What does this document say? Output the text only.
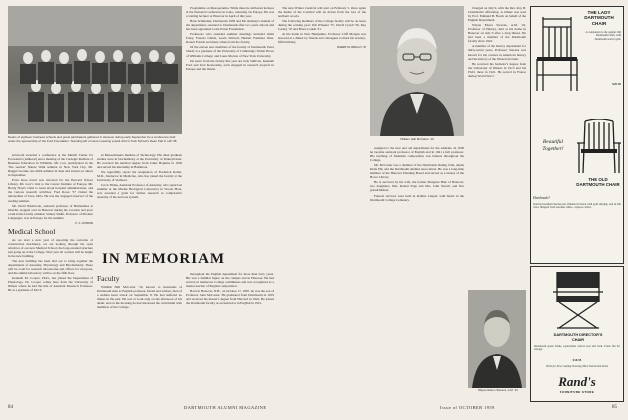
Deans of eighteen business schools and guest participants gathered in Hanover during early September for a conference held under the sponsorship of the Ford Foundation. Standing left of center wearing a dark shirt is Tuck School's Dean Karl A. Hill '38.

Griswold awarded a conference at the Merrill Center for Economics (Amherst) and a meeting of the Carnegie Institute of Business Education in Williams. Mr. Low participated in the 'five session' Nature Walk seminar in New York City. Mr. Rugger became one AWA seminar in June and started on others in September.

Even more travel was involved for the Harvard School Library, Mr. Low's visit to the Cancer Institute of Europe, Mr. Hardy Hoyt's visits to learn about hospital administration, and the various research activities. Fred Rowe '57 visited the universities of Iowa, Ohio. He was the 'engaged observer' of the reading seminar.

Mr. Dodd Westbrook, assistant professor of Humanities at Oberlin, stopped over in Hanover during his vacation and gave a talk in the faculty seminar. Sidney Smith, Professor of Modern Languages, was in Europe for the summer.

E. S. DOBLER
Medical School

As we start a new year of reporting the outcome of construction machinery, we are looking through the open windows of our new Medical School, the long-awaited structure just going up at the College. Next year all courses will be taught in the new building.

The new building has been laid out to bring together the departments of Anatomy, Physiology and Biochemistry. There will be room for research laboratories and offices for everyone, and the animal laboratory will be on the fifth floor.

Kenneth M. Cooper, Ph.D., has joined the Department of Physiology. Dr. Cooper comes here from the University of Illinois where he had the title of Assistant Research Professor. He is a graduate of M.I.T.

in Massachusetts Institute of Technology. His other graduate studies were in biochemistry at the University of Pennsylvania. He received his medical degree from Johns Hopkins in 1950 and served his internship in Baltimore.

We regretfully report the resignation of Frederick Keller, M.D., Instructor in Medicine, who has joined the faculty at the University of Vermont.

Jacob Tilden, Assistant Professor of Anatomy, who spent last summer at the Marine Biological Laboratory in Woods Hole, was awarded a grant for further research in comparative anatomy of the nervous system.

IN MEMORIAM
Faculty

William Hall McCarter '19, known to thousands of Dartmouth men as English professor, friend and adviser, died of a sudden heart attack on September 8. He had suffered no illness in the past. He was at work only on the afternoon of his death, and on the morning he had discussed the curriculum with members of the College.

throughout the English department for more than forty years. His was a familiar figure on the campus and in Hanover. He had served on numerous College committees and was recognized as a master teacher of English composition.

Born in Hanover, N.H., on October 17, 1897, he was the son of Professor John McCarter. He graduated from Dartmouth in 1919 and received his master's degree from Harvard in 1922. He joined the Dartmouth faculty as an instructor in English in 1921.

Programme on Mesopotamia. While there he delivered lectures at the National Conference in Cairo, returning via Europe. He was a visiting lecturer at Hanover in April of this year.

Hans Schmelzer, Dartmouth 1958 and Mr. Ramsey's student of the department, returned to Dartmouth after two years abroad and has been appointed to the Eaton Foundation.

Professors who attended summer meetings included Allen Foley, Francis Childs, Lewis Stilwell, Herbert Faulkner West, Robert French and many others from the faculty.

Of the eleven new members of the faculty of Dartmouth, Peter Sturdy is a graduate of the University of Cambridge; Walter Howe of Williams College; and Louis Morton of New York University.

On leave from the faculty this year are Jack Sullivan, Kenneth Ford and Ivan Kenworthy, each engaged in research projects in Europe and the Orient.

84	DARTMOUTH ALUMNI MAGAZINE

The next Winter Carnival will start on February 5. Once again the theme of the Carnival will be drawn from the lore of the northern woods.

The following members of the College faculty will be on leave during the coming year: Jim Wheeler '37, David Lynch '56, Ray Carney '47 and Bruce Larkin '31.

At his home in New Hampshire, Professor Cliff Morgan was honored at a dinner by friends and colleagues to mark his seventy-fifth birthday.

HARRY M. BRIGGS '39
William Hall McCarter '19

assigned to the new and old departments for the students. In 1930 he became assistant professor of English and in 1941 a full professor. His teaching of freshman composition was famous throughout the College.

Mr. McCarter was a member of the Dartmouth Outing Club, Alpha Delta Phi, and the Dartmouth Alumni Association. He was a long-time member of the Hanover Planning Board and served as a trustee of the Howe Library.

He is survived by his wife, the former Margaret Hale of Hanover, two daughters, Mrs. Robert Page and Mrs. John Sewall, and five grandchildren.

Funeral services were held in Rollins Chapel, with burial in the Dartmouth College Cemetery.

Charged on July 9, with the Rev. Roy B. Chamberlin officiating. A tribute was read by Prof. Edmund B. Booth on behalf of the English Department.

Wayne Edson Stevens, A.M. '22, Professor of History, died at his home in Hanover on July 9 after a long illness. He had been a member of the Dartmouth faculty since 1922.

A member of the history department for thirty-seven years, Professor Stevens was known for his courses in American history and the history of the Western frontier.

He received his bachelor's degree from the University of Illinois in 1915 and his Ph.D. there in 1921. He served in France during World War I.

Wayne Edson Stevens, A.M. '22
Issue of OCTOBER 1959	85
THE LADY DARTMOUTH CHAIR
A companion to the regular Old Dartmouth Chair, with Dartmouth seal in gold.
$29.50
Beautiful Together!
THE OLD DARTMOUTH CHAIR
Handmade!
Selected northern hardwoods, finished in black with gold striping; seal in full color. Shipped from Gardner, Mass., express collect.
DARTMOUTH DIRECTOR'S CHAIR
Dartmouth green frame, replaceable canvas seat and back. Folds flat for storage.
$18.95
Write for New Catalog Showing More Dartmouth Items
Rand's
FURNITURE STORE
